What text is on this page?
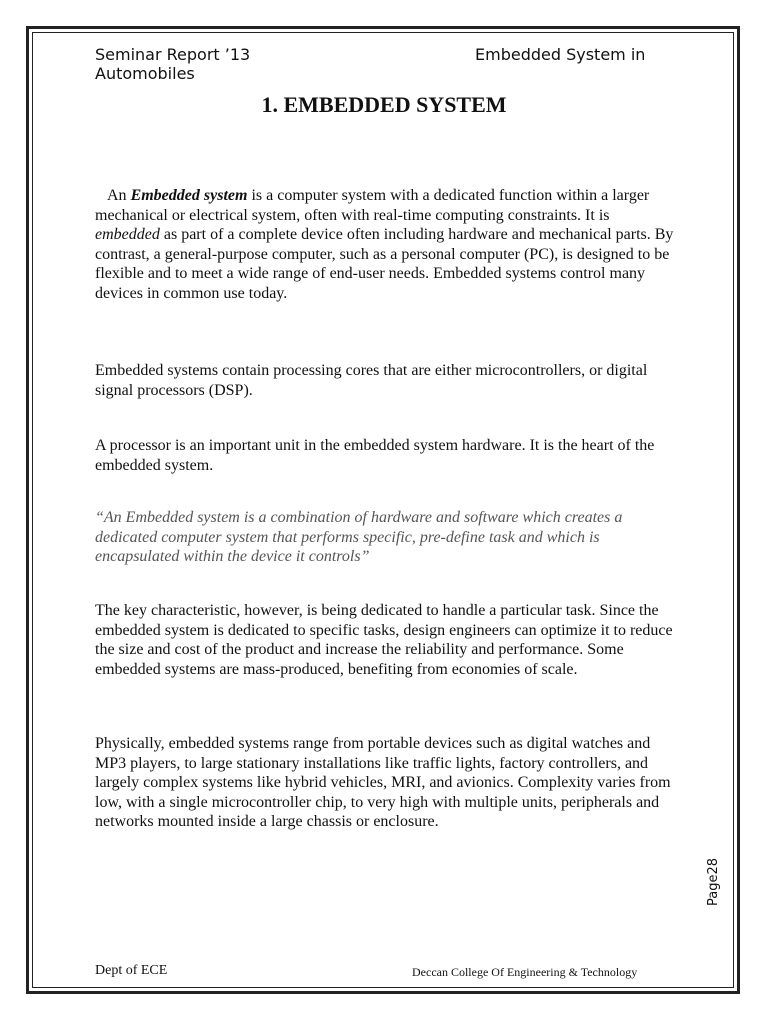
Seminar Report ’13
Automobiles
Embedded System in
1. EMBEDDED SYSTEM

An Embedded system is a computer system with a dedicated function within a larger mechanical or electrical system, often with real-time computing constraints. It is embedded as part of a complete device often including hardware and mechanical parts. By contrast, a general-purpose computer, such as a personal computer (PC), is designed to be flexible and to meet a wide range of end-user needs. Embedded systems control many devices in common use today.

Embedded systems contain processing cores that are either microcontrollers, or digital signal processors (DSP).

A processor is an important unit in the embedded system hardware. It is the heart of the embedded system.

“An Embedded system is a combination of hardware and software which creates a dedicated computer system that performs specific, pre-define task and which is encapsulated within the device it controls”

The key characteristic, however, is being dedicated to handle a particular task. Since the embedded system is dedicated to specific tasks, design engineers can optimize it to reduce the size and cost of the product and increase the reliability and performance. Some embedded systems are mass-produced, benefiting from economies of scale.

Physically, embedded systems range from portable devices such as digital watches and MP3 players, to large stationary installations like traffic lights, factory controllers, and largely complex systems like hybrid vehicles, MRI, and avionics. Complexity varies from low, with a single microcontroller chip, to very high with multiple units, peripherals and networks mounted inside a large chassis or enclosure.

Page28
Dept of ECE	Deccan College Of Engineering & Technology
